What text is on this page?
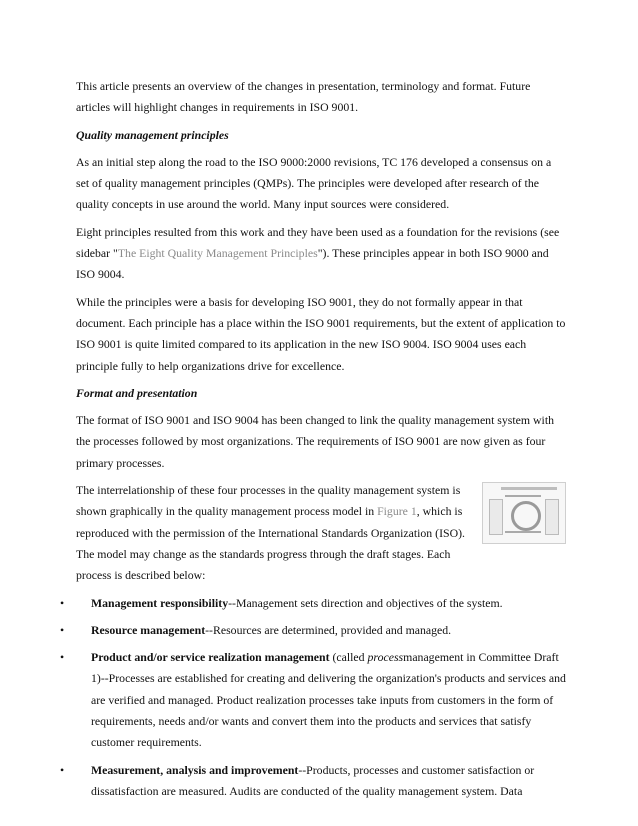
This article presents an overview of the changes in presentation, terminology and format. Future articles will highlight changes in requirements in ISO 9001.

Quality management principles

As an initial step along the road to the ISO 9000:2000 revisions, TC 176 developed a consensus on a set of quality management principles (QMPs). The principles were developed after research of the quality concepts in use around the world. Many input sources were considered.

Eight principles resulted from this work and they have been used as a foundation for the revisions (see sidebar "The Eight Quality Management Principles"). These principles appear in both ISO 9000 and ISO 9004.

While the principles were a basis for developing ISO 9001, they do not formally appear in that document. Each principle has a place within the ISO 9001 requirements, but the extent of application to ISO 9001 is quite limited compared to its application in the new ISO 9004. ISO 9004 uses each principle fully to help organizations drive for excellence.

Format and presentation

The format of ISO 9001 and ISO 9004 has been changed to link the quality management system with the processes followed by most organizations. The requirements of ISO 9001 are now given as four primary processes.

The interrelationship of these four processes in the quality management system is shown graphically in the quality management process model in Figure 1, which is reproduced with the permission of the International Standards Organization (ISO). The model may change as the standards progress through the draft stages. Each process is described below:

• Management responsibility--Management sets direction and objectives of the system.
• Resource management--Resources are determined, provided and managed.
• Product and/or service realization management (called processmanagement in Committee Draft 1)--Processes are established for creating and delivering the organization's products and services and are verified and managed. Product realization processes take inputs from customers in the form of requirements, needs and/or wants and convert them into the products and services that satisfy customer requirements.
• Measurement, analysis and improvement--Products, processes and customer satisfaction or dissatisfaction are measured. Audits are conducted of the quality management system. Data
